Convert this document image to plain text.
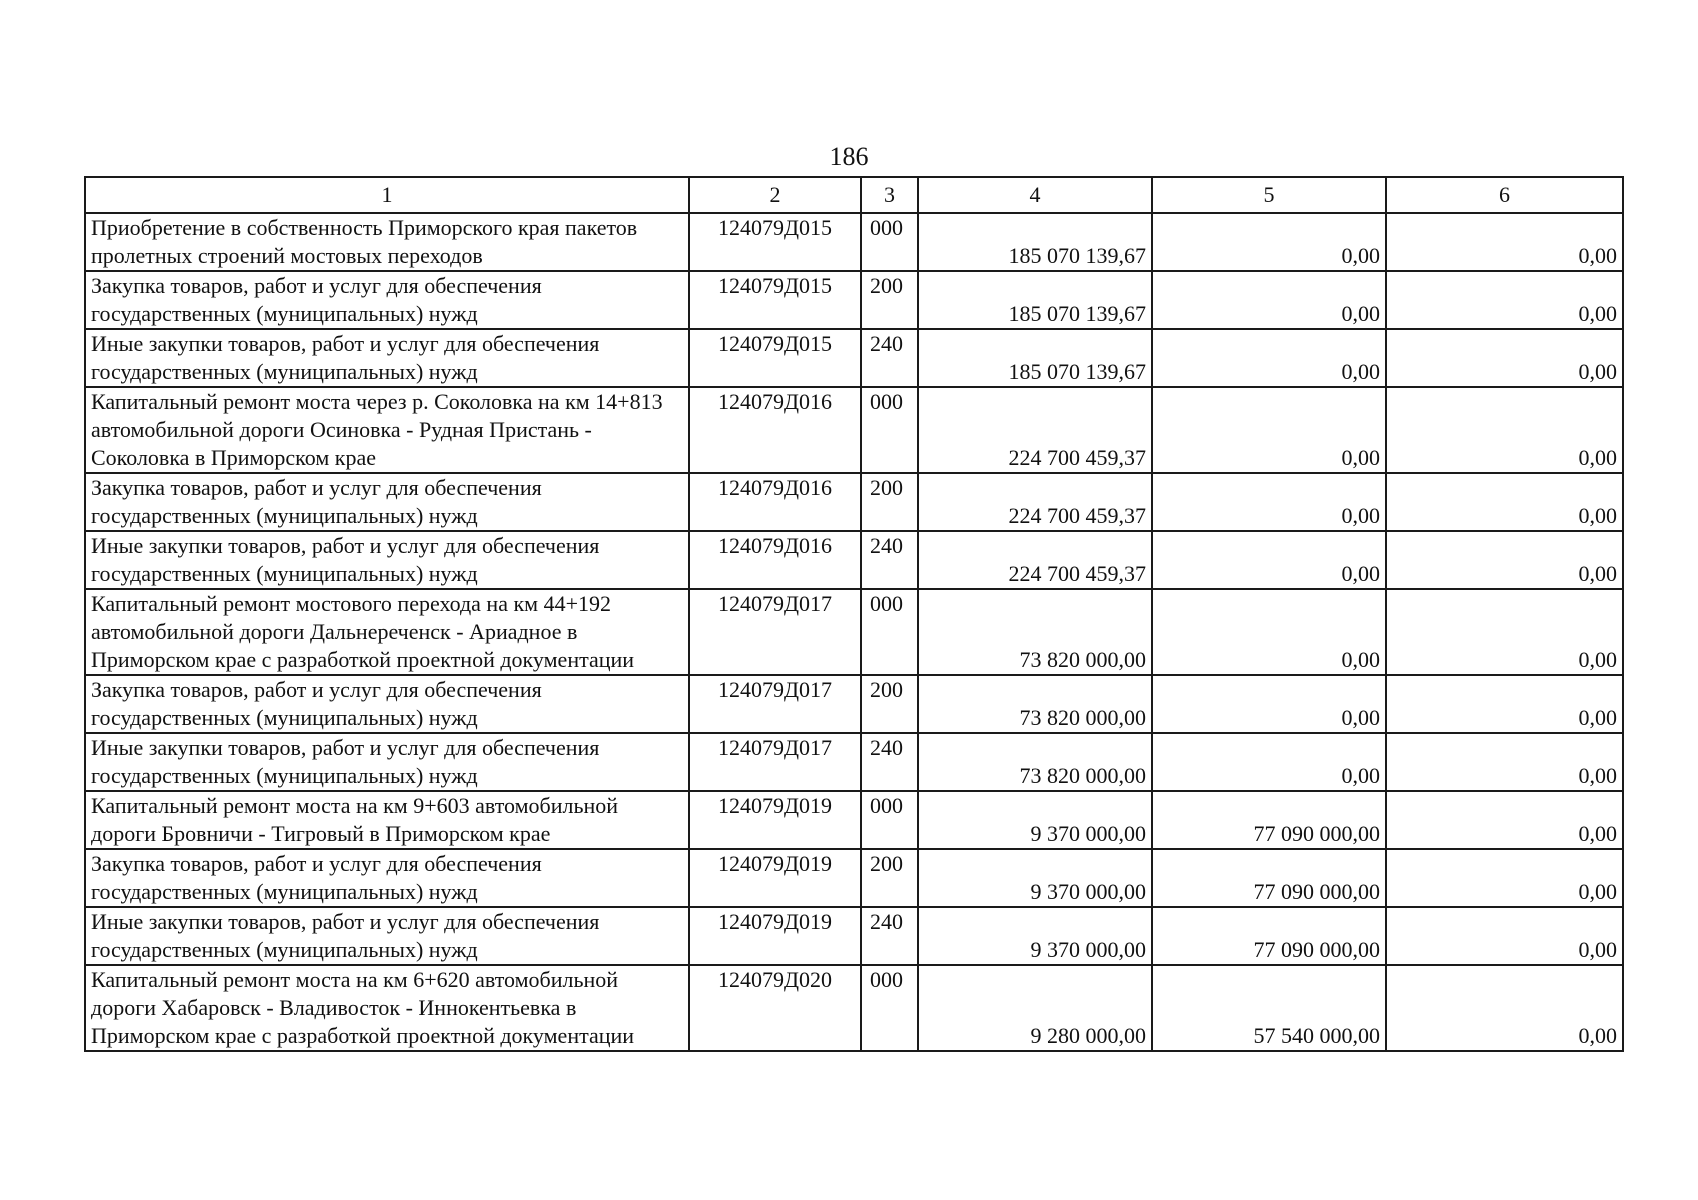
186
1	2	3	4	5	6
Приобретение в собственность Приморского края пакетов пролетных строений мостовых переходов	124079Д015	000	185 070 139,67	0,00	0,00
Закупка товаров, работ и услуг для обеспечения государственных (муниципальных) нужд	124079Д015	200	185 070 139,67	0,00	0,00
Иные закупки товаров, работ и услуг для обеспечения государственных (муниципальных) нужд	124079Д015	240	185 070 139,67	0,00	0,00
Капитальный ремонт моста через р. Соколовка на км 14+813 автомобильной дороги Осиновка - Рудная Пристань - Соколовка в Приморском крае	124079Д016	000	224 700 459,37	0,00	0,00
Закупка товаров, работ и услуг для обеспечения государственных (муниципальных) нужд	124079Д016	200	224 700 459,37	0,00	0,00
Иные закупки товаров, работ и услуг для обеспечения государственных (муниципальных) нужд	124079Д016	240	224 700 459,37	0,00	0,00
Капитальный ремонт мостового перехода на км 44+192 автомобильной дороги Дальнереченск - Ариадное в Приморском крае с разработкой проектной документации	124079Д017	000	73 820 000,00	0,00	0,00
Закупка товаров, работ и услуг для обеспечения государственных (муниципальных) нужд	124079Д017	200	73 820 000,00	0,00	0,00
Иные закупки товаров, работ и услуг для обеспечения государственных (муниципальных) нужд	124079Д017	240	73 820 000,00	0,00	0,00
Капитальный ремонт моста на км 9+603 автомобильной дороги Бровничи - Тигровый в Приморском крае	124079Д019	000	9 370 000,00	77 090 000,00	0,00
Закупка товаров, работ и услуг для обеспечения государственных (муниципальных) нужд	124079Д019	200	9 370 000,00	77 090 000,00	0,00
Иные закупки товаров, работ и услуг для обеспечения государственных (муниципальных) нужд	124079Д019	240	9 370 000,00	77 090 000,00	0,00
Капитальный ремонт моста на км 6+620 автомобильной дороги Хабаровск - Владивосток - Иннокентьевка в Приморском крае с разработкой проектной документации	124079Д020	000	9 280 000,00	57 540 000,00	0,00
